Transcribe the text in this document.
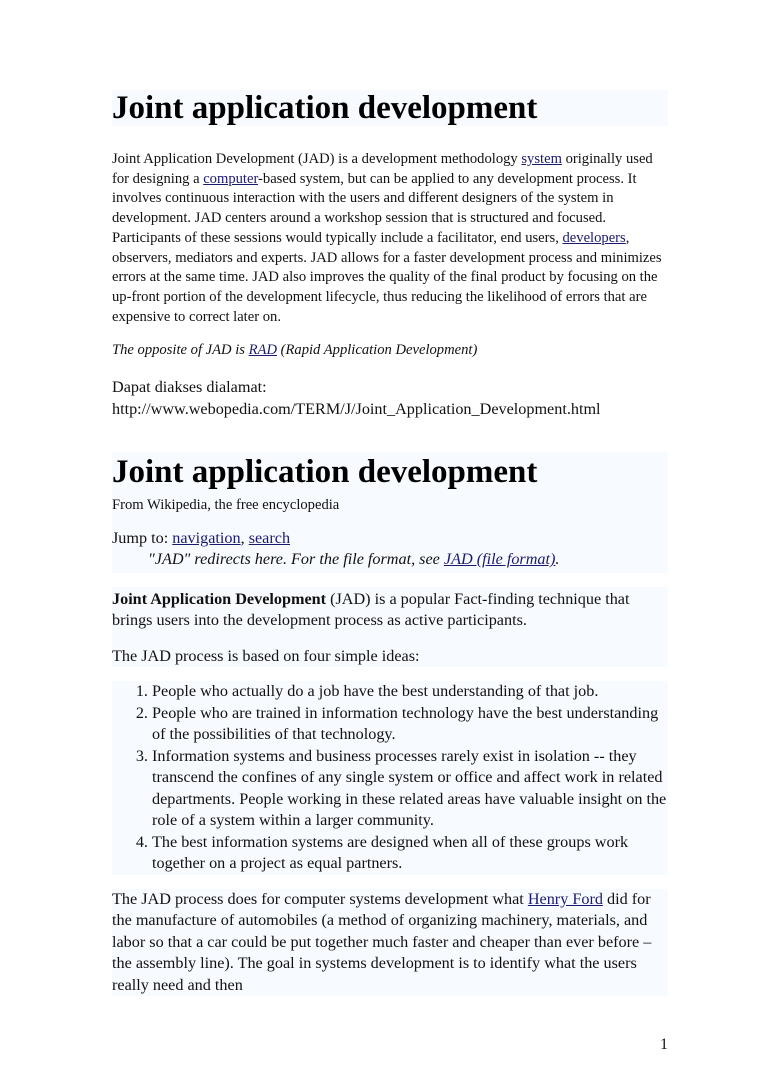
Joint application development
Joint Application Development (JAD) is a development methodology system originally used for designing a computer-based system, but can be applied to any development process. It involves continuous interaction with the users and different designers of the system in development. JAD centers around a workshop session that is structured and focused. Participants of these sessions would typically include a facilitator, end users, developers, observers, mediators and experts. JAD allows for a faster development process and minimizes errors at the same time. JAD also improves the quality of the final product by focusing on the up-front portion of the development lifecycle, thus reducing the likelihood of errors that are expensive to correct later on.
The opposite of JAD is RAD (Rapid Application Development)
Dapat diakses dialamat:
http://www.webopedia.com/TERM/J/Joint_Application_Development.html
Joint application development
From Wikipedia, the free encyclopedia
Jump to: navigation, search
"JAD" redirects here. For the file format, see JAD (file format).
Joint Application Development (JAD) is a popular Fact-finding technique that brings users into the development process as active participants.
The JAD process is based on four simple ideas:
1. People who actually do a job have the best understanding of that job.
2. People who are trained in information technology have the best understanding of the possibilities of that technology.
3. Information systems and business processes rarely exist in isolation -- they transcend the confines of any single system or office and affect work in related departments. People working in these related areas have valuable insight on the role of a system within a larger community.
4. The best information systems are designed when all of these groups work together on a project as equal partners.
The JAD process does for computer systems development what Henry Ford did for the manufacture of automobiles (a method of organizing machinery, materials, and labor so that a car could be put together much faster and cheaper than ever before – the assembly line). The goal in systems development is to identify what the users really need and then
1
